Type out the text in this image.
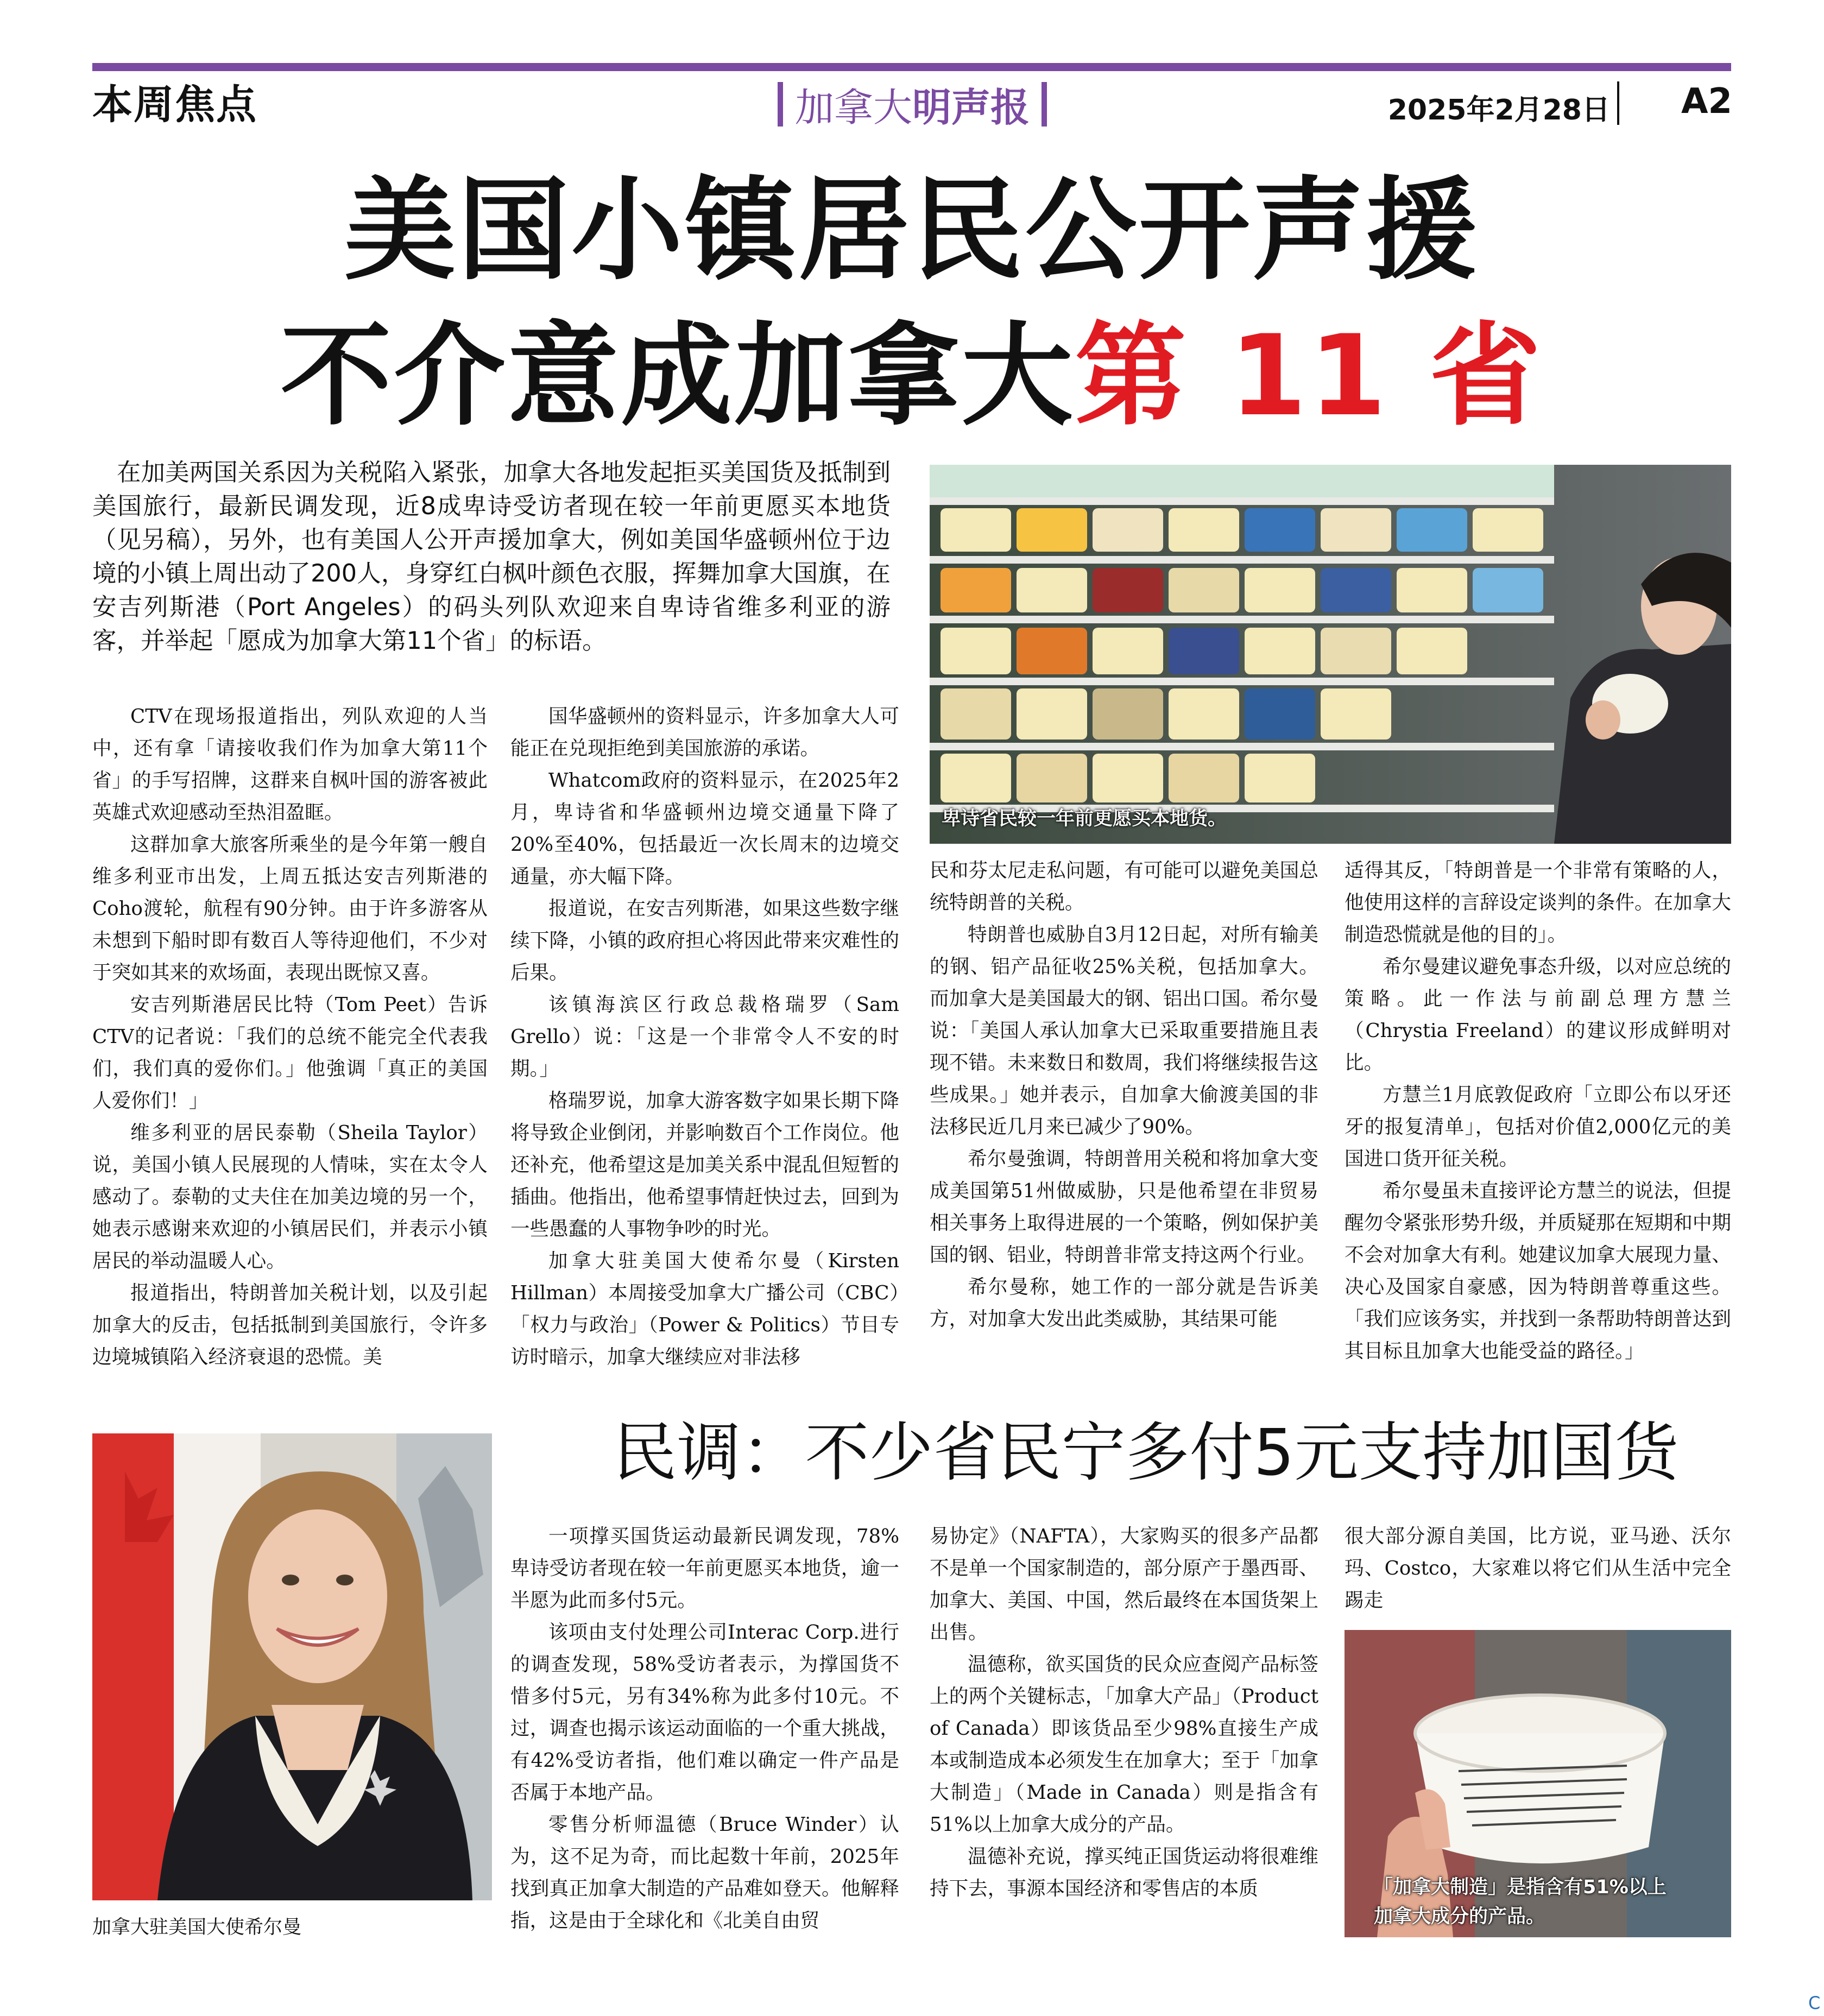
本周焦点	加拿大明声报	2025年2月28日	A2
美国小镇居民公开声援
不介意成加拿大第 11 省

在加美两国关系因为关税陷入紧张，加拿大各地发起拒买美国货及抵制到美国旅行，最新民调发现，近8成卑诗受访者现在较一年前更愿买本地货（见另稿），另外，也有美国人公开声援加拿大，例如美国华盛顿州位于边境的小镇上周出动了200人，身穿红白枫叶颜色衣服，挥舞加拿大国旗，在安吉列斯港（Port Angeles）的码头列队欢迎来自卑诗省维多利亚的游客，并举起「愿成为加拿大第11个省」的标语。

卑诗省民较一年前更愿买本地货。

CTV在现场报道指出，列队欢迎的人当中，还有拿「请接收我们作为加拿大第11个省」的手写招牌，这群来自枫叶国的游客被此英雄式欢迎感动至热泪盈眶。

这群加拿大旅客所乘坐的是今年第一艘自维多利亚市出发，上周五抵达安吉列斯港的Coho渡轮，航程有90分钟。由于许多游客从未想到下船时即有数百人等待迎他们，不少对于突如其来的欢场面，表现出既惊又喜。

安吉列斯港居民比特（Tom Peet）告诉CTV的记者说：「我们的总统不能完全代表我们，我们真的爱你们。」他強调「真正的美国人爱你们！」

维多利亚的居民泰勒（Sheila Taylor）说，美国小镇人民展现的人情味，实在太令人感动了。泰勒的丈夫住在加美边境的另一个，她表示感谢来欢迎的小镇居民们，并表示小镇居民的举动温暖人心。

报道指出，特朗普加关税计划，以及引起加拿大的反击，包括抵制到美国旅行，令许多边境城镇陷入经济衰退的恐慌。美

国华盛顿州的资料显示，许多加拿大人可能正在兑现拒绝到美国旅游的承诺。

Whatcom政府的资料显示，在2025年2月，卑诗省和华盛顿州边境交通量下降了20%至40%，包括最近一次长周末的边境交通量，亦大幅下降。

报道说，在安吉列斯港，如果这些数字继续下降，小镇的政府担心将因此带来灾难性的后果。

该镇海滨区行政总裁格瑞罗（Sam Grello）说：「这是一个非常令人不安的时期。」

格瑞罗说，加拿大游客数字如果长期下降将导致企业倒闭，并影响数百个工作岗位。他还补充，他希望这是加美关系中混乱但短暂的插曲。他指出，他希望事情赶快过去，回到为一些愚蠢的人事物争吵的时光。

加拿大驻美国大使希尔曼（Kirsten Hillman）本周接受加拿大广播公司（CBC）「权力与政治」（Power & Politics）节目专访时暗示，加拿大继续应对非法移

民和芬太尼走私问题，有可能可以避免美国总统特朗普的关税。

特朗普也威胁自3月12日起，对所有输美的钢、铝产品征收25%关税，包括加拿大。而加拿大是美国最大的钢、铝出口国。希尔曼说：「美国人承认加拿大已采取重要措施且表现不错。未来数日和数周，我们将继续报告这些成果。」她并表示，自加拿大偷渡美国的非法移民近几月来已减少了90%。

希尔曼強调，特朗普用关税和将加拿大变成美国第51州做威胁，只是他希望在非贸易相关事务上取得进展的一个策略，例如保护美国的钢、铝业，特朗普非常支持这两个行业。

希尔曼称，她工作的一部分就是告诉美方，对加拿大发出此类威胁，其结果可能

适得其反，「特朗普是一个非常有策略的人，他使用这样的言辞设定谈判的条件。在加拿大制造恐慌就是他的目的」。

希尔曼建议避免事态升级，以对应总统的策略。此一作法与前副总理方慧兰（Chrystia Freeland）的建议形成鲜明对比。

方慧兰1月底敦促政府「立即公布以牙还牙的报复清单」，包括对价值2,000亿元的美国进口货开征关税。

希尔曼虽未直接评论方慧兰的说法，但提醒勿令紧张形势升级，并质疑那在短期和中期不会对加拿大有利。她建议加拿大展现力量、决心及国家自豪感，因为特朗普尊重这些。「我们应该务实，并找到一条帮助特朗普达到其目标且加拿大也能受益的路径。」

加拿大驻美国大使希尔曼
民调：不少省民宁多付5元支持加国货

一项撑买国货运动最新民调发现，78%卑诗受访者现在较一年前更愿买本地货，逾一半愿为此而多付5元。

该项由支付处理公司Interac Corp.进行的调查发现，58%受访者表示，为撑国货不惜多付5元，另有34%称为此多付10元。不过，调查也揭示该运动面临的一个重大挑战，有42%受访者指，他们难以确定一件产品是否属于本地产品。

零售分析师温德（Bruce Winder）认为，这不足为奇，而比起数十年前，2025年找到真正加拿大制造的产品难如登天。他解释指，这是由于全球化和《北美自由贸

易协定》（NAFTA），大家购买的很多产品都不是单一个国家制造的，部分原产于墨西哥、加拿大、美国、中国，然后最终在本国货架上出售。

温德称，欲买国货的民众应查阅产品标签上的两个关键标志，「加拿大产品」（Product of Canada）即该货品至少98%直接生产成本或制造成本必须发生在加拿大；至于「加拿大制造」（Made in Canada）则是指含有51%以上加拿大成分的产品。

温德补充说，撑买纯正国货运动将很难维持下去，事源本国经济和零售店的本质

很大部分源自美国，比方说，亚马逊、沃尔玛、Costco，大家难以将它们从生活中完全踢走

「加拿大制造」是指含有51%以上
加拿大成分的产品。
C
